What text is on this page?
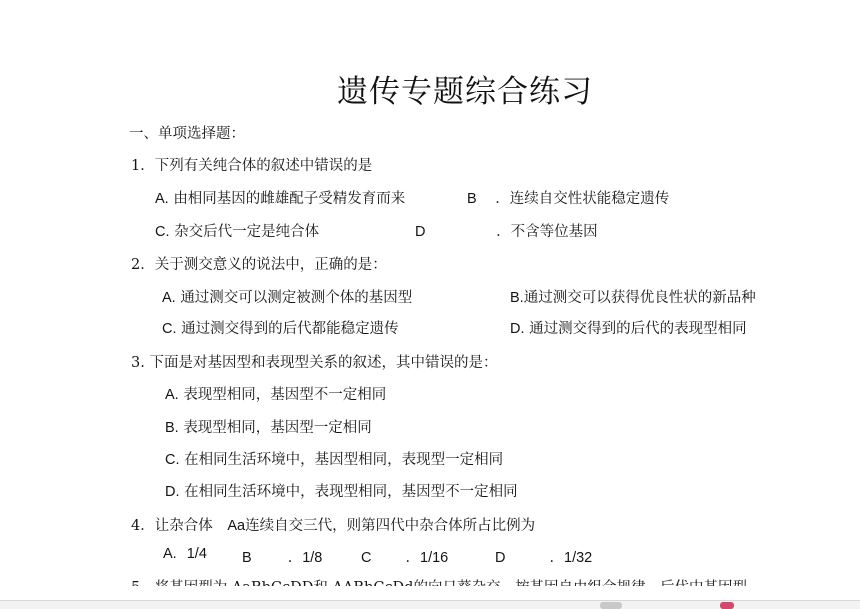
遗传专题综合练习
一、单项选择题：
1．下列有关纯合体的叙述中错误的是
A. 由相同基因的雌雄配子受精发育而来	B ．连续自交性状能稳定遗传
C. 杂交后代一定是纯合体	D	．不含等位基因
2．关于测交意义的说法中，正确的是：
A. 通过测交可以测定被测个体的基因型	B.通过测交可以获得优良性状的新品种
C. 通过测交得到的后代都能稳定遗传	D. 通过测交得到的后代的表现型相同
3. 下面是对基因型和表现型关系的叙述，其中错误的是：
A. 表现型相同，基因型不一定相同
B. 表现型相同，基因型一定相同
C. 在相同生活环境中，基因型相同，表现型一定相同
D. 在相同生活环境中，表现型相同，基因型不一定相同
4．让杂合体 Aa连续自交三代，则第四代中杂合体所占比例为
A. 1/4 B ．1/8	C ．1/16	D	．1/32
